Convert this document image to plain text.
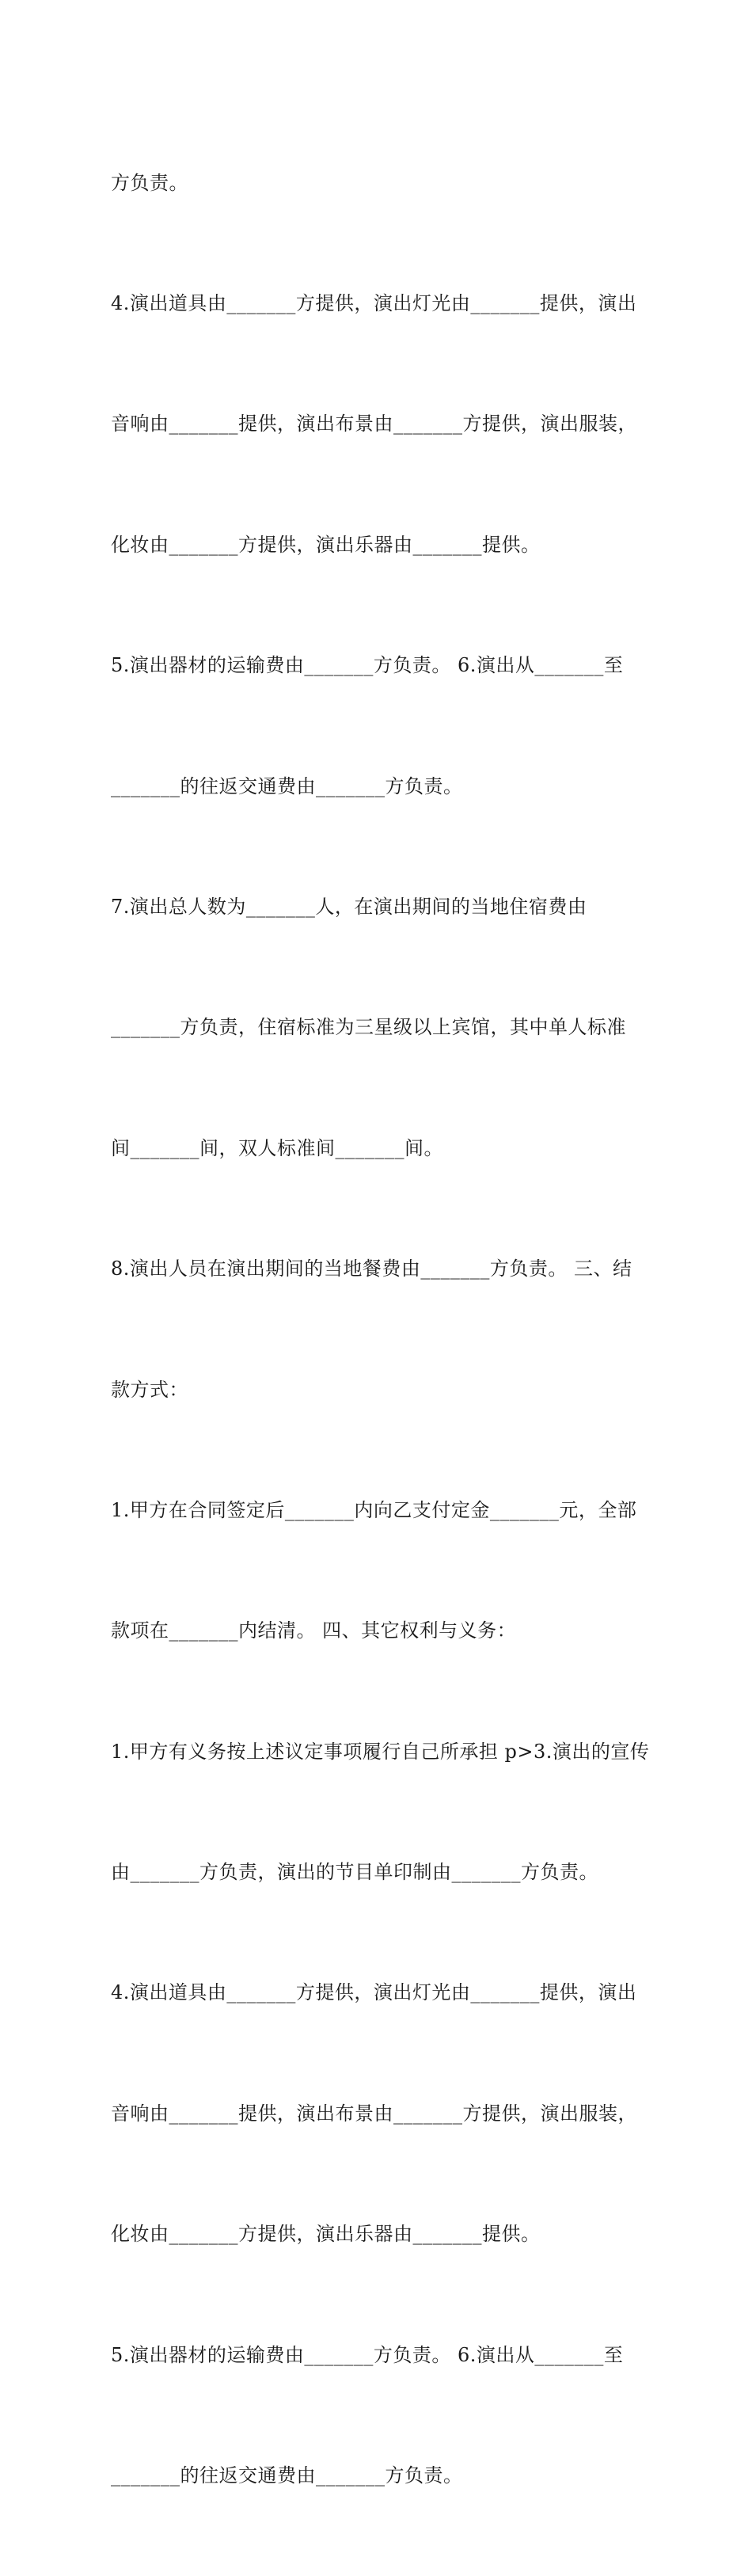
方负责。

4.演出道具由_______方提供，演出灯光由_______提供，演出

音响由_______提供，演出布景由_______方提供，演出服装，

化妆由_______方提供，演出乐器由_______提供。

5.演出器材的运输费由_______方负责。 6.演出从_______至

_______的往返交通费由_______方负责。

7.演出总人数为_______人，在演出期间的当地住宿费由

_______方负责，住宿标准为三星级以上宾馆，其中单人标准

间_______间，双人标准间_______间。

8.演出人员在演出期间的当地餐费由_______方负责。 三、结

款方式：

1.甲方在合同签定后_______内向乙支付定金_______元，全部

款项在_______内结清。 四、其它权利与义务：

1.甲方有义务按上述议定事项履行自己所承担 p>3.演出的宣传

由_______方负责，演出的节目单印制由_______方负责。

4.演出道具由_______方提供，演出灯光由_______提供，演出

音响由_______提供，演出布景由_______方提供，演出服装，

化妆由_______方提供，演出乐器由_______提供。

5.演出器材的运输费由_______方负责。 6.演出从_______至

_______的往返交通费由_______方负责。
